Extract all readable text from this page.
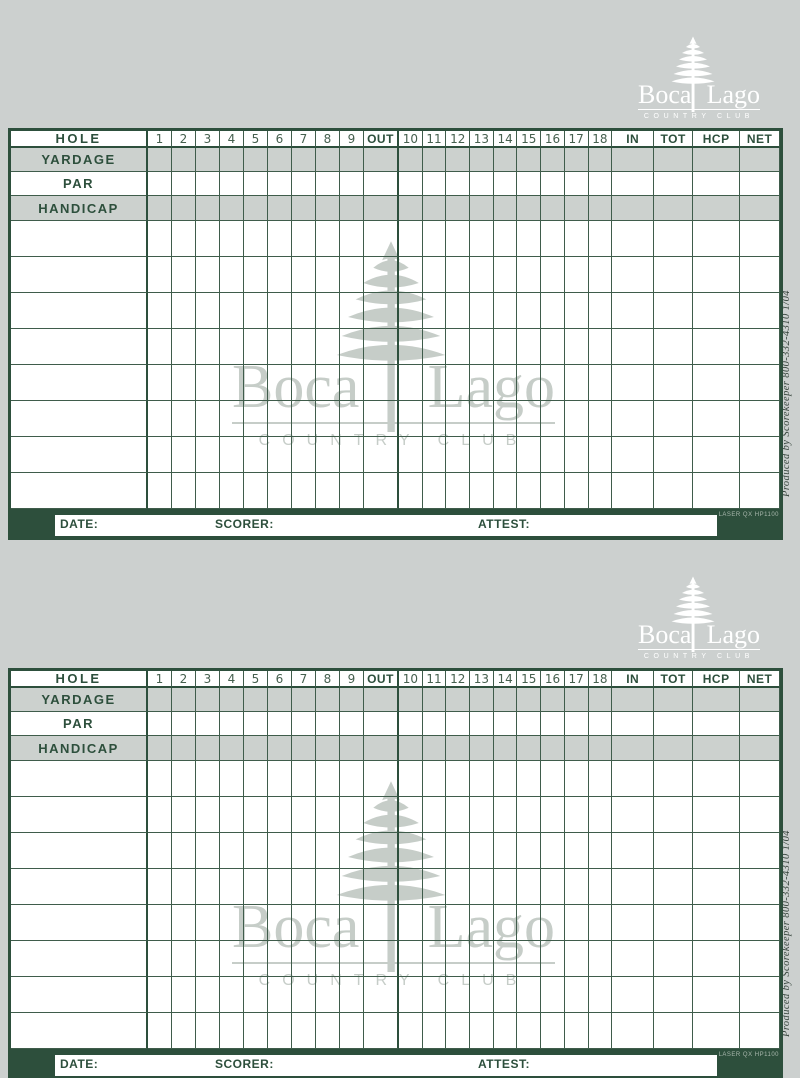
Boca Lago
COUNTRY CLUB
Boca Lago
COUNTRY CLUB
HOLE	1	2	3	4	5	6	7	8	9 OUT 10 11 12 13 14 15 16 17 18	IN	TOT	HCP	NET
YARDAGE
PAR
HANDICAP
DATE:	SCORER:	ATTEST:
LASER QX HP1100
Produced by Scorekeeper 800-332-4310 1/04
Boca Lago
COUNTRY CLUB
Boca Lago
COUNTRY CLUB
HOLE	1	2	3	4	5	6	7	8	9 OUT 10 11 12 13 14 15 16 17 18	IN	TOT	HCP	NET
YARDAGE
PAR
HANDICAP
DATE:	SCORER:	ATTEST:
LASER QX HP1100
Produced by Scorekeeper 800-332-4310 1/04
